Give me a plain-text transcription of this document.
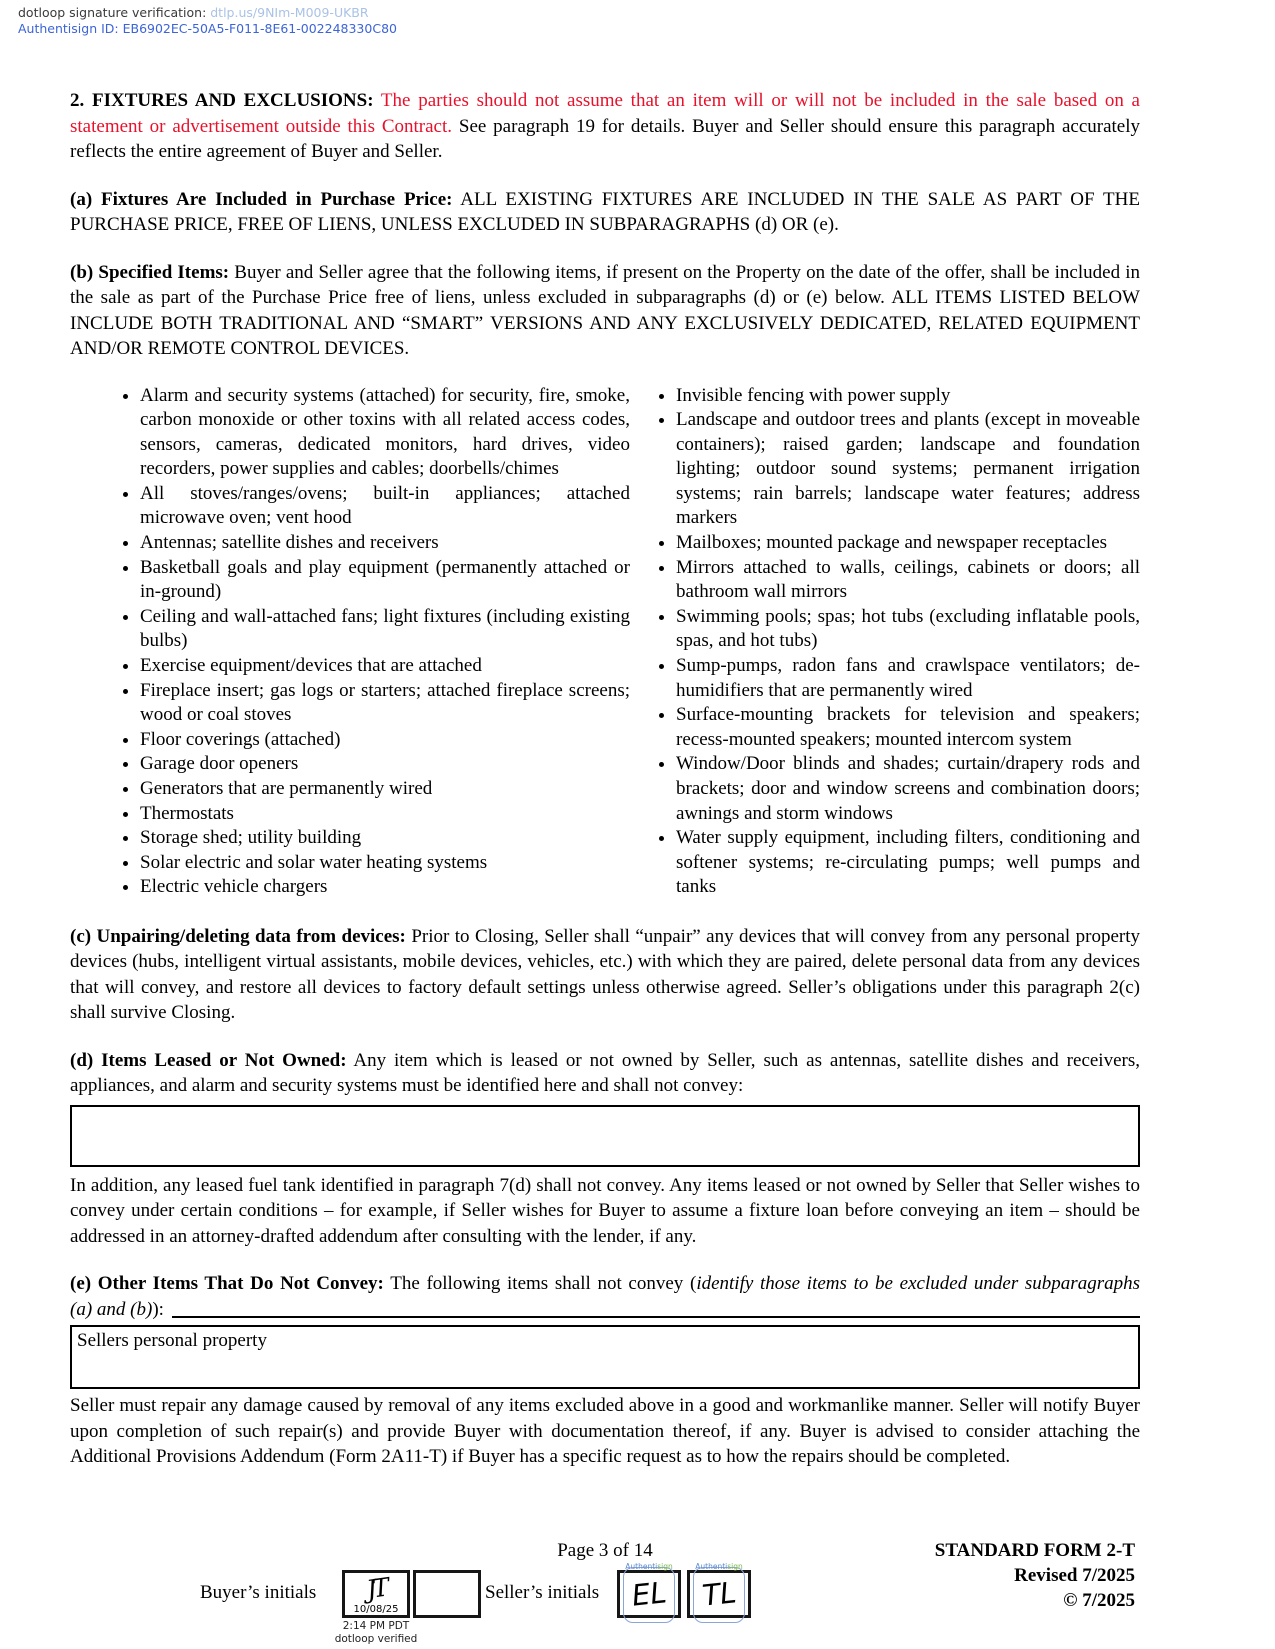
dotloop signature verification: dtlp.us/9NIm-M009-UKBR
Authentisign ID: EB6902EC-50A5-F011-8E61-002248330C80

2. FIXTURES AND EXCLUSIONS: The parties should not assume that an item will or will not be included in the sale based on a statement or advertisement outside this Contract. See paragraph 19 for details. Buyer and Seller should ensure this paragraph accurately reflects the entire agreement of Buyer and Seller.

(a) Fixtures Are Included in Purchase Price: ALL EXISTING FIXTURES ARE INCLUDED IN THE SALE AS PART OF THE PURCHASE PRICE, FREE OF LIENS, UNLESS EXCLUDED IN SUBPARAGRAPHS (d) OR (e).

(b) Specified Items: Buyer and Seller agree that the following items, if present on the Property on the date of the offer, shall be included in the sale as part of the Purchase Price free of liens, unless excluded in subparagraphs (d) or (e) below. ALL ITEMS LISTED BELOW INCLUDE BOTH TRADITIONAL AND “SMART” VERSIONS AND ANY EXCLUSIVELY DEDICATED, RELATED EQUIPMENT AND/OR REMOTE CONTROL DEVICES.

• Alarm and security systems (attached) for security, fire, smoke, carbon monoxide or other toxins with all related access codes, sensors, cameras, dedicated monitors, hard drives, video recorders, power supplies and cables; doorbells/chimes
• All stoves/ranges/ovens; built-in appliances; attached microwave oven; vent hood
• Antennas; satellite dishes and receivers
• Basketball goals and play equipment (permanently attached or in-ground)
• Ceiling and wall-attached fans; light fixtures (including existing bulbs)
• Exercise equipment/devices that are attached
• Fireplace insert; gas logs or starters; attached fireplace screens; wood or coal stoves
• Floor coverings (attached)
• Garage door openers
• Generators that are permanently wired
• Thermostats
• Storage shed; utility building
• Solar electric and solar water heating systems
• Electric vehicle chargers
• Invisible fencing with power supply
• Landscape and outdoor trees and plants (except in moveable containers); raised garden; landscape and foundation lighting; outdoor sound systems; permanent irrigation systems; rain barrels; landscape water features; address markers
• Mailboxes; mounted package and newspaper receptacles
• Mirrors attached to walls, ceilings, cabinets or doors; all bathroom wall mirrors
• Swimming pools; spas; hot tubs (excluding inflatable pools, spas, and hot tubs)
• Sump-pumps, radon fans and crawlspace ventilators; de-humidifiers that are permanently wired
• Surface-mounting brackets for television and speakers; recess-mounted speakers; mounted intercom system
• Window/Door blinds and shades; curtain/drapery rods and brackets; door and window screens and combination doors; awnings and storm windows
• Water supply equipment, including filters, conditioning and softener systems; re-circulating pumps; well pumps and tanks

(c) Unpairing/deleting data from devices: Prior to Closing, Seller shall “unpair” any devices that will convey from any personal property devices (hubs, intelligent virtual assistants, mobile devices, vehicles, etc.) with which they are paired, delete personal data from any devices that will convey, and restore all devices to factory default settings unless otherwise agreed. Seller’s obligations under this paragraph 2(c) shall survive Closing.

(d) Items Leased or Not Owned: Any item which is leased or not owned by Seller, such as antennas, satellite dishes and receivers, appliances, and alarm and security systems must be identified here and shall not convey:

In addition, any leased fuel tank identified in paragraph 7(d) shall not convey. Any items leased or not owned by Seller that Seller wishes to convey under certain conditions – for example, if Seller wishes for Buyer to assume a fixture loan before conveying an item – should be addressed in an attorney-drafted addendum after consulting with the lender, if any.

(e) Other Items That Do Not Convey: The following items shall not convey (identify those items to be excluded under subparagraphs

(a) and (b) ):
Sellers personal property

Seller must repair any damage caused by removal of any items excluded above in a good and workmanlike manner. Seller will notify Buyer upon completion of such repair(s) and provide Buyer with documentation thereof, if any. Buyer is advised to consider attaching the Additional Provisions Addendum (Form 2A11-T) if Buyer has a specific request as to how the repairs should be completed.

Page 3 of 14	STANDARD FORM 2-T
Revised 7/2025
© 7/2025
Buyer’s initials	JT
10/08/25
2:14 PM PDT
dotloop verified
Seller’s initials
Authentisign
EL
Authentisign
TL
